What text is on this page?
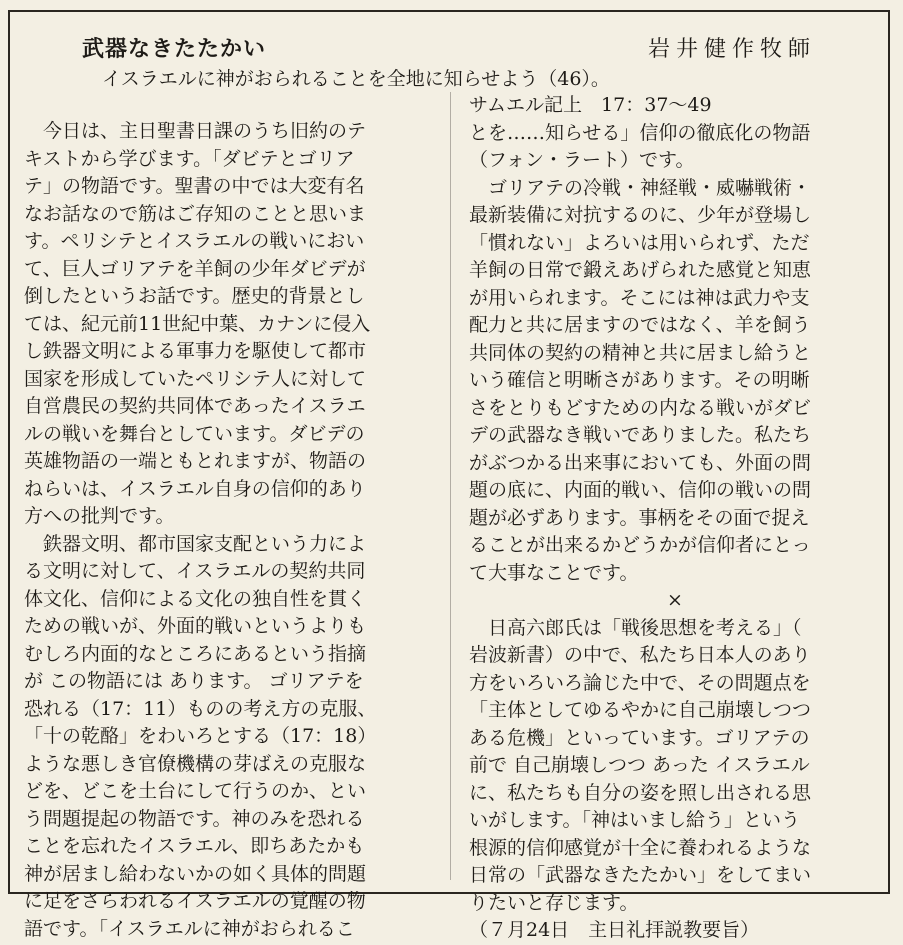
武器なきたたかい	岩井健作牧師
イスラエルに神がおられることを全地に知らせよう（46）。
　今日は、主日聖書日課のうち旧約のテ
キストから学びます。「ダビテとゴリア
テ」の物語です。聖書の中では大変有名
なお話なので筋はご存知のことと思いま
す。ペリシテとイスラエルの戦いにおい
て、巨人ゴリアテを羊飼の少年ダビデが
倒したというお話です。歴史的背景とし
ては、紀元前11世紀中葉、カナンに侵入
し鉄器文明による軍事力を駆使して都市
国家を形成していたペリシテ人に対して
自営農民の契約共同体であったイスラエ
ルの戦いを舞台としています。ダビデの
英雄物語の一端ともとれますが、物語の
ねらいは、イスラエル自身の信仰的あり
方への批判です。
　鉄器文明、都市国家支配という力によ
る文明に対して、イスラエルの契約共同
体文化、信仰による文化の独自性を貫く
ための戦いが、外面的戦いというよりも
むしろ内面的なところにあるという指摘
が この物語には あります。 ゴリアテを
恐れる（17：11）ものの考え方の克服、
「十の乾酪」をわいろとする（17：18）
ような悪しき官僚機構の芽ばえの克服な
どを、どこを土台にして行うのか、とい
う問題提起の物語です。神のみを恐れる
ことを忘れたイスラエル、即ちあたかも
神が居まし給わないかの如く具体的問題
に足をさらわれるイスラエルの覚醒の物
語です。「イスラエルに神がおられるこ
サムエル記上　17：37〜49
とを……知らせる」信仰の徹底化の物語
（フォン・ラート）です。
　ゴリアテの冷戦・神経戦・威嚇戦術・
最新装備に対抗するのに、少年が登場し
「慣れない」よろいは用いられず、ただ
羊飼の日常で鍛えあげられた感覚と知恵
が用いられます。そこには神は武力や支
配力と共に居ますのではなく、羊を飼う
共同体の契約の精神と共に居まし給うと
いう確信と明晰さがあります。その明晰
さをとりもどすための内なる戦いがダビ
デの武器なき戦いでありました。私たち
がぶつかる出来事においても、外面の問
題の底に、内面的戦い、信仰の戦いの問
題が必ずあります。事柄をその面で捉え
ることが出来るかどうかが信仰者にとっ
て大事なことです。
×
　日高六郎氏は「戦後思想を考える」（
岩波新書）の中で、私たち日本人のあり
方をいろいろ論じた中で、その問題点を
「主体としてゆるやかに自己崩壊しつつ
ある危機」といっています。ゴリアテの
前で 自己崩壊しつつ あった イスラエル
に、私たちも自分の姿を照し出される思
いがします。「神はいまし給う」という
根源的信仰感覚が十全に養われるような
日常の「武器なきたたかい」をしてまい
りたいと存じます。
（７月24日　主日礼拝説教要旨）
